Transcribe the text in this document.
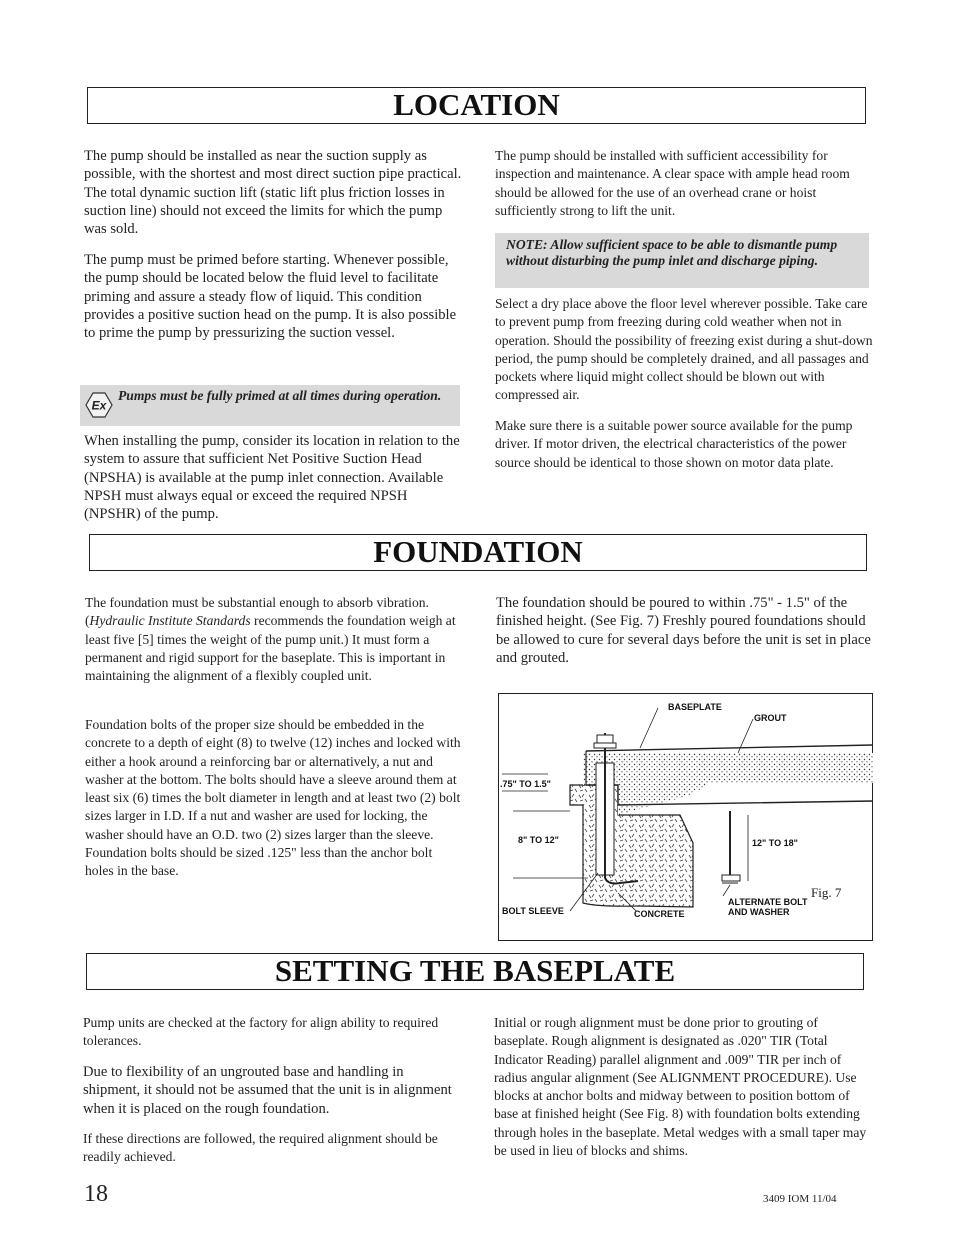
LOCATION

The pump should be installed as near the suction supply as possible, with the shortest and most direct suction pipe practical. The total dynamic suction lift (static lift plus friction losses in suction line) should not exceed the limits for which the pump was sold.

The pump must be primed before starting. Whenever possible, the pump should be located below the fluid level to facilitate priming and assure a steady flow of liquid. This condition provides a positive suction head on the pump. It is also possible to prime the pump by pressurizing the suction vessel.

Ex
Pumps must be fully primed at all times during operation.

When installing the pump, consider its location in relation to the system to assure that sufficient Net Positive Suction Head (NPSHA) is available at the pump inlet connection. Available NPSH must always equal or exceed the required NPSH (NPSHR) of the pump.

The pump should be installed with sufficient accessibility for inspection and maintenance. A clear space with ample head room should be allowed for the use of an overhead crane or hoist sufficiently strong to lift the unit.

NOTE: Allow sufficient space to be able to dismantle pump without disturbing the pump inlet and discharge piping.

Select a dry place above the floor level wherever possible. Take care to prevent pump from freezing during cold weather when not in operation. Should the possibility of freezing exist during a shut-down period, the pump should be completely drained, and all passages and pockets where liquid might collect should be blown out with compressed air.

Make sure there is a suitable power source available for the pump driver. If motor driven, the electrical characteristics of the power source should be identical to those shown on motor data plate.

FOUNDATION

The foundation must be substantial enough to absorb vibration. (Hydraulic Institute Standards recommends the foundation weigh at least five [5] times the weight of the pump unit.) It must form a permanent and rigid support for the baseplate. This is important in maintaining the alignment of a flexibly coupled unit.

Foundation bolts of the proper size should be embedded in the concrete to a depth of eight (8) to twelve (12) inches and locked with either a hook around a reinforcing bar or alternatively, a nut and washer at the bottom. The bolts should have a sleeve around them at least six (6) times the bolt diameter in length and at least two (2) bolt sizes larger in I.D. If a nut and washer are used for locking, the washer should have an O.D. two (2) sizes larger than the sleeve. Foundation bolts should be sized .125" less than the anchor bolt holes in the base.

The foundation should be poured to within .75" - 1.5" of the finished height. (See Fig. 7) Freshly poured foundations should be allowed to cure for several days before the unit is set in place and grouted.

BASEPLATE
GROUT
.75" TO 1.5"
8" TO 12"	12" TO 18"
BOLT SLEEVE	CONCRETE
ALTERNATE BOLT
AND WASHER
Fig. 7
SETTING THE BASEPLATE

Pump units are checked at the factory for align ability to required tolerances.

Due to flexibility of an ungrouted base and handling in shipment, it should not be assumed that the unit is in alignment when it is placed on the rough foundation.

If these directions are followed, the required alignment should be readily achieved.

Initial or rough alignment must be done prior to grouting of baseplate. Rough alignment is designated as .020" TIR (Total Indicator Reading) parallel alignment and .009" TIR per inch of radius angular alignment (See ALIGNMENT PROCEDURE). Use blocks at anchor bolts and midway between to position bottom of base at finished height (See Fig. 8) with foundation bolts extending through holes in the baseplate. Metal wedges with a small taper may be used in lieu of blocks and shims.

18	3409 IOM 11/04
